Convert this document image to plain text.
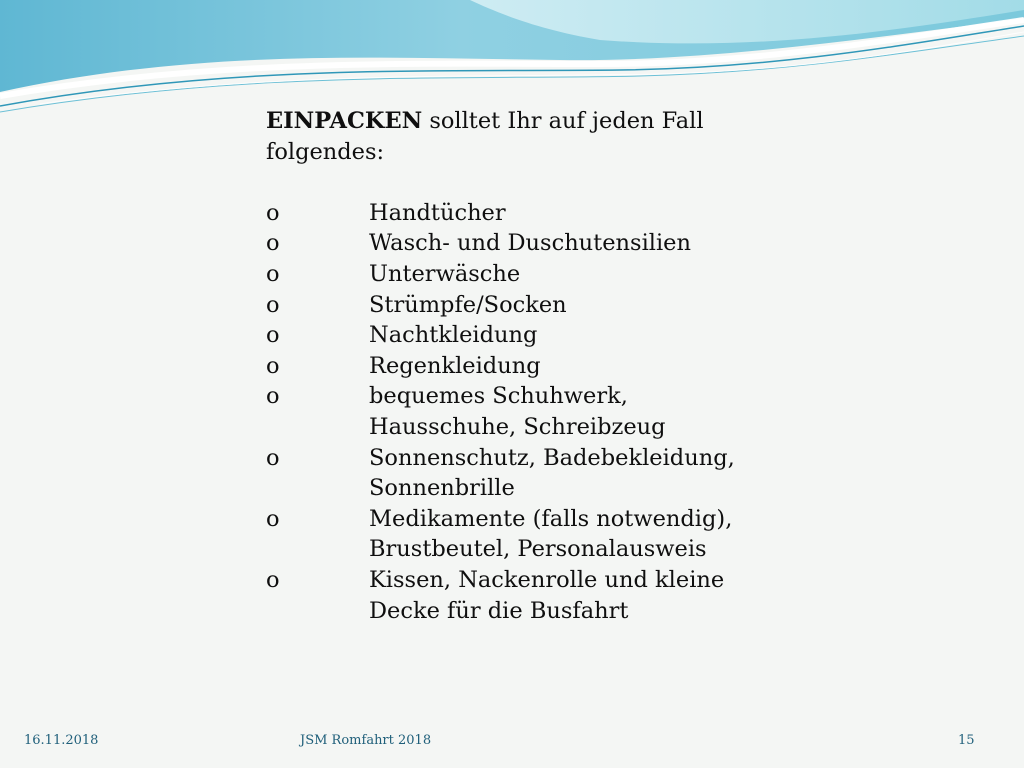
EINPACKEN solltet Ihr auf jeden Fall folgendes:

o	Handtücher
o	Wasch- und Duschutensilien
o	Unterwäsche
o	Strümpfe/Socken
o	Nachtkleidung
o	Regenkleidung
o	bequemes Schuhwerk,
Hausschuhe, Schreibzeug
o	Sonnenschutz, Badebekleidung,
Sonnenbrille
o	Medikamente (falls notwendig),
Brustbeutel, Personalausweis
o	Kissen, Nackenrolle und kleine
Decke für die Busfahrt
16.11.2018	JSM Romfahrt 2018	15
